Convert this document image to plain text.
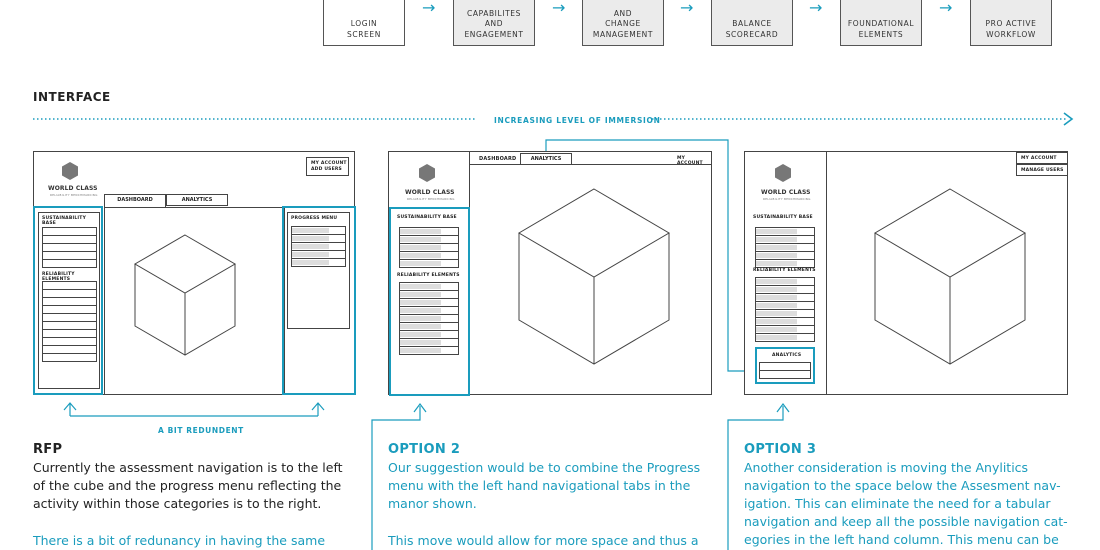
LOGIN
SCREEN
→	CAPABILITES
AND
ENGAGEMENT
→	AND
CHANGE
MANAGEMENT
→
BALANCE
SCORECARD
→
FOUNDATIONAL
ELEMENTS
→
PRO ACTIVE
WORKFLOW
INTERFACE
INCREASING LEVEL OF IMMERSION
WORLD CLASS
RELIABILITY BENCHMARKING
MY ACCOUNT
ADD USERS
DASHBOARD	ANALYTICS
SUSTAINABILITY BASE
RELIABILITY ELEMENTS
PROGRESS MENU
A BIT REDUNDENT
WORLD CLASS
RELIABILITY BENCHMARKING
DASHBOARD	ANALYTICS	MY ACCOUNT
SUSTAINABILITY BASE
RELIABILITY ELEMENTS
WORLD CLASS
RELIABILITY BENCHMARKING
MY ACCOUNT
MANAGE USERS
SUSTAINABILITY BASE
RELIABILITY ELEMENTS
ANALYTICS
RFP
Currently the assessment navigation is to the left of the cube and the progress menu reflecting the activity within those categories is to the right.
There is a bit of redunancy in having the same
OPTION 2
Our suggestion would be to combine the Progress menu with the left hand navigational tabs in the manor shown.
This move would allow for more space and thus a
OPTION 3
Another consideration is moving the Anylitics navigation to the space below the Assesment nav-igation. This can eliminate the need for a tabular navigation and keep all the possible navigation cat-egories in the left hand column. This menu can be
